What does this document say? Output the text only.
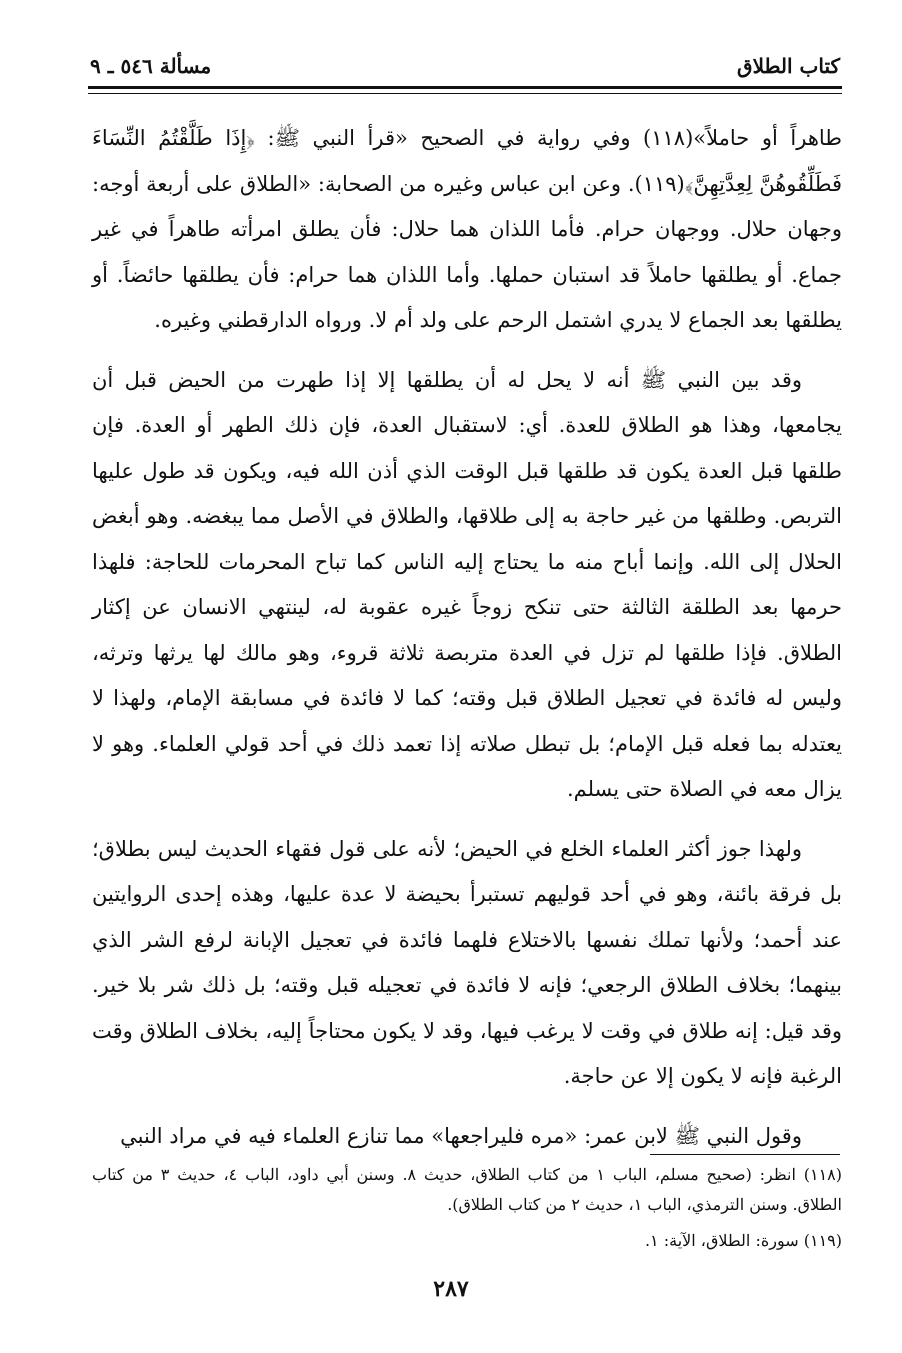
كتاب الطلاق
مسألة ٥٤٦ ـ ٩

طاهراً أو حاملاً»(١١٨) وفي رواية في الصحيح «قرأ النبي ﷺ: ﴿إِذَا طَلَّقْتُمُ النِّسَاءَ فَطَلِّقُوهُنَّ لِعِدَّتِهِنَّ﴾(١١٩). وعن ابن عباس وغيره من الصحابة: «الطلاق على أربعة أوجه: وجهان حلال. ووجهان حرام. فأما اللذان هما حلال: فأن يطلق امرأته طاهراً في غير جماع. أو يطلقها حاملاً قد استبان حملها. وأما اللذان هما حرام: فأن يطلقها حائضاً. أو يطلقها بعد الجماع لا يدري اشتمل الرحم على ولد أم لا. ورواه الدارقطني وغيره.

وقد بين النبي ﷺ أنه لا يحل له أن يطلقها إلا إذا طهرت من الحيض قبل أن يجامعها، وهذا هو الطلاق للعدة. أي: لاستقبال العدة، فإن ذلك الطهر أو العدة. فإن طلقها قبل العدة يكون قد طلقها قبل الوقت الذي أذن الله فيه، ويكون قد طول عليها التربص. وطلقها من غير حاجة به إلى طلاقها، والطلاق في الأصل مما يبغضه. وهو أبغض الحلال إلى الله. وإنما أباح منه ما يحتاج إليه الناس كما تباح المحرمات للحاجة: فلهذا حرمها بعد الطلقة الثالثة حتى تنكح زوجاً غيره عقوبة له، لينتهي الانسان عن إكثار الطلاق. فإذا طلقها لم تزل في العدة متربصة ثلاثة قروء، وهو مالك لها يرثها وترثه، وليس له فائدة في تعجيل الطلاق قبل وقته؛ كما لا فائدة في مسابقة الإمام، ولهذا لا يعتدله بما فعله قبل الإمام؛ بل تبطل صلاته إذا تعمد ذلك في أحد قولي العلماء. وهو لا يزال معه في الصلاة حتى يسلم.

ولهذا جوز أكثر العلماء الخلع في الحيض؛ لأنه على قول فقهاء الحديث ليس بطلاق؛ بل فرقة بائنة، وهو في أحد قوليهم تستبرأ بحيضة لا عدة عليها، وهذه إحدى الروايتين عند أحمد؛ ولأنها تملك نفسها بالاختلاع فلهما فائدة في تعجيل الإبانة لرفع الشر الذي بينهما؛ بخلاف الطلاق الرجعي؛ فإنه لا فائدة في تعجيله قبل وقته؛ بل ذلك شر بلا خير. وقد قيل: إنه طلاق في وقت لا يرغب فيها، وقد لا يكون محتاجاً إليه، بخلاف الطلاق وقت الرغبة فإنه لا يكون إلا عن حاجة.

وقول النبي ﷺ لابن عمر: «مره فليراجعها» مما تنازع العلماء فيه في مراد النبي

(١١٨) انظر: (صحيح مسلم، الباب ١ من كتاب الطلاق، حديث ٨. وسنن أبي داود، الباب ٤، حديث ٣ من كتاب الطلاق. وسنن الترمذي، الباب ١، حديث ٢ من كتاب الطلاق).

(١١٩) سورة: الطلاق، الآية: ١.

٢٨٧
